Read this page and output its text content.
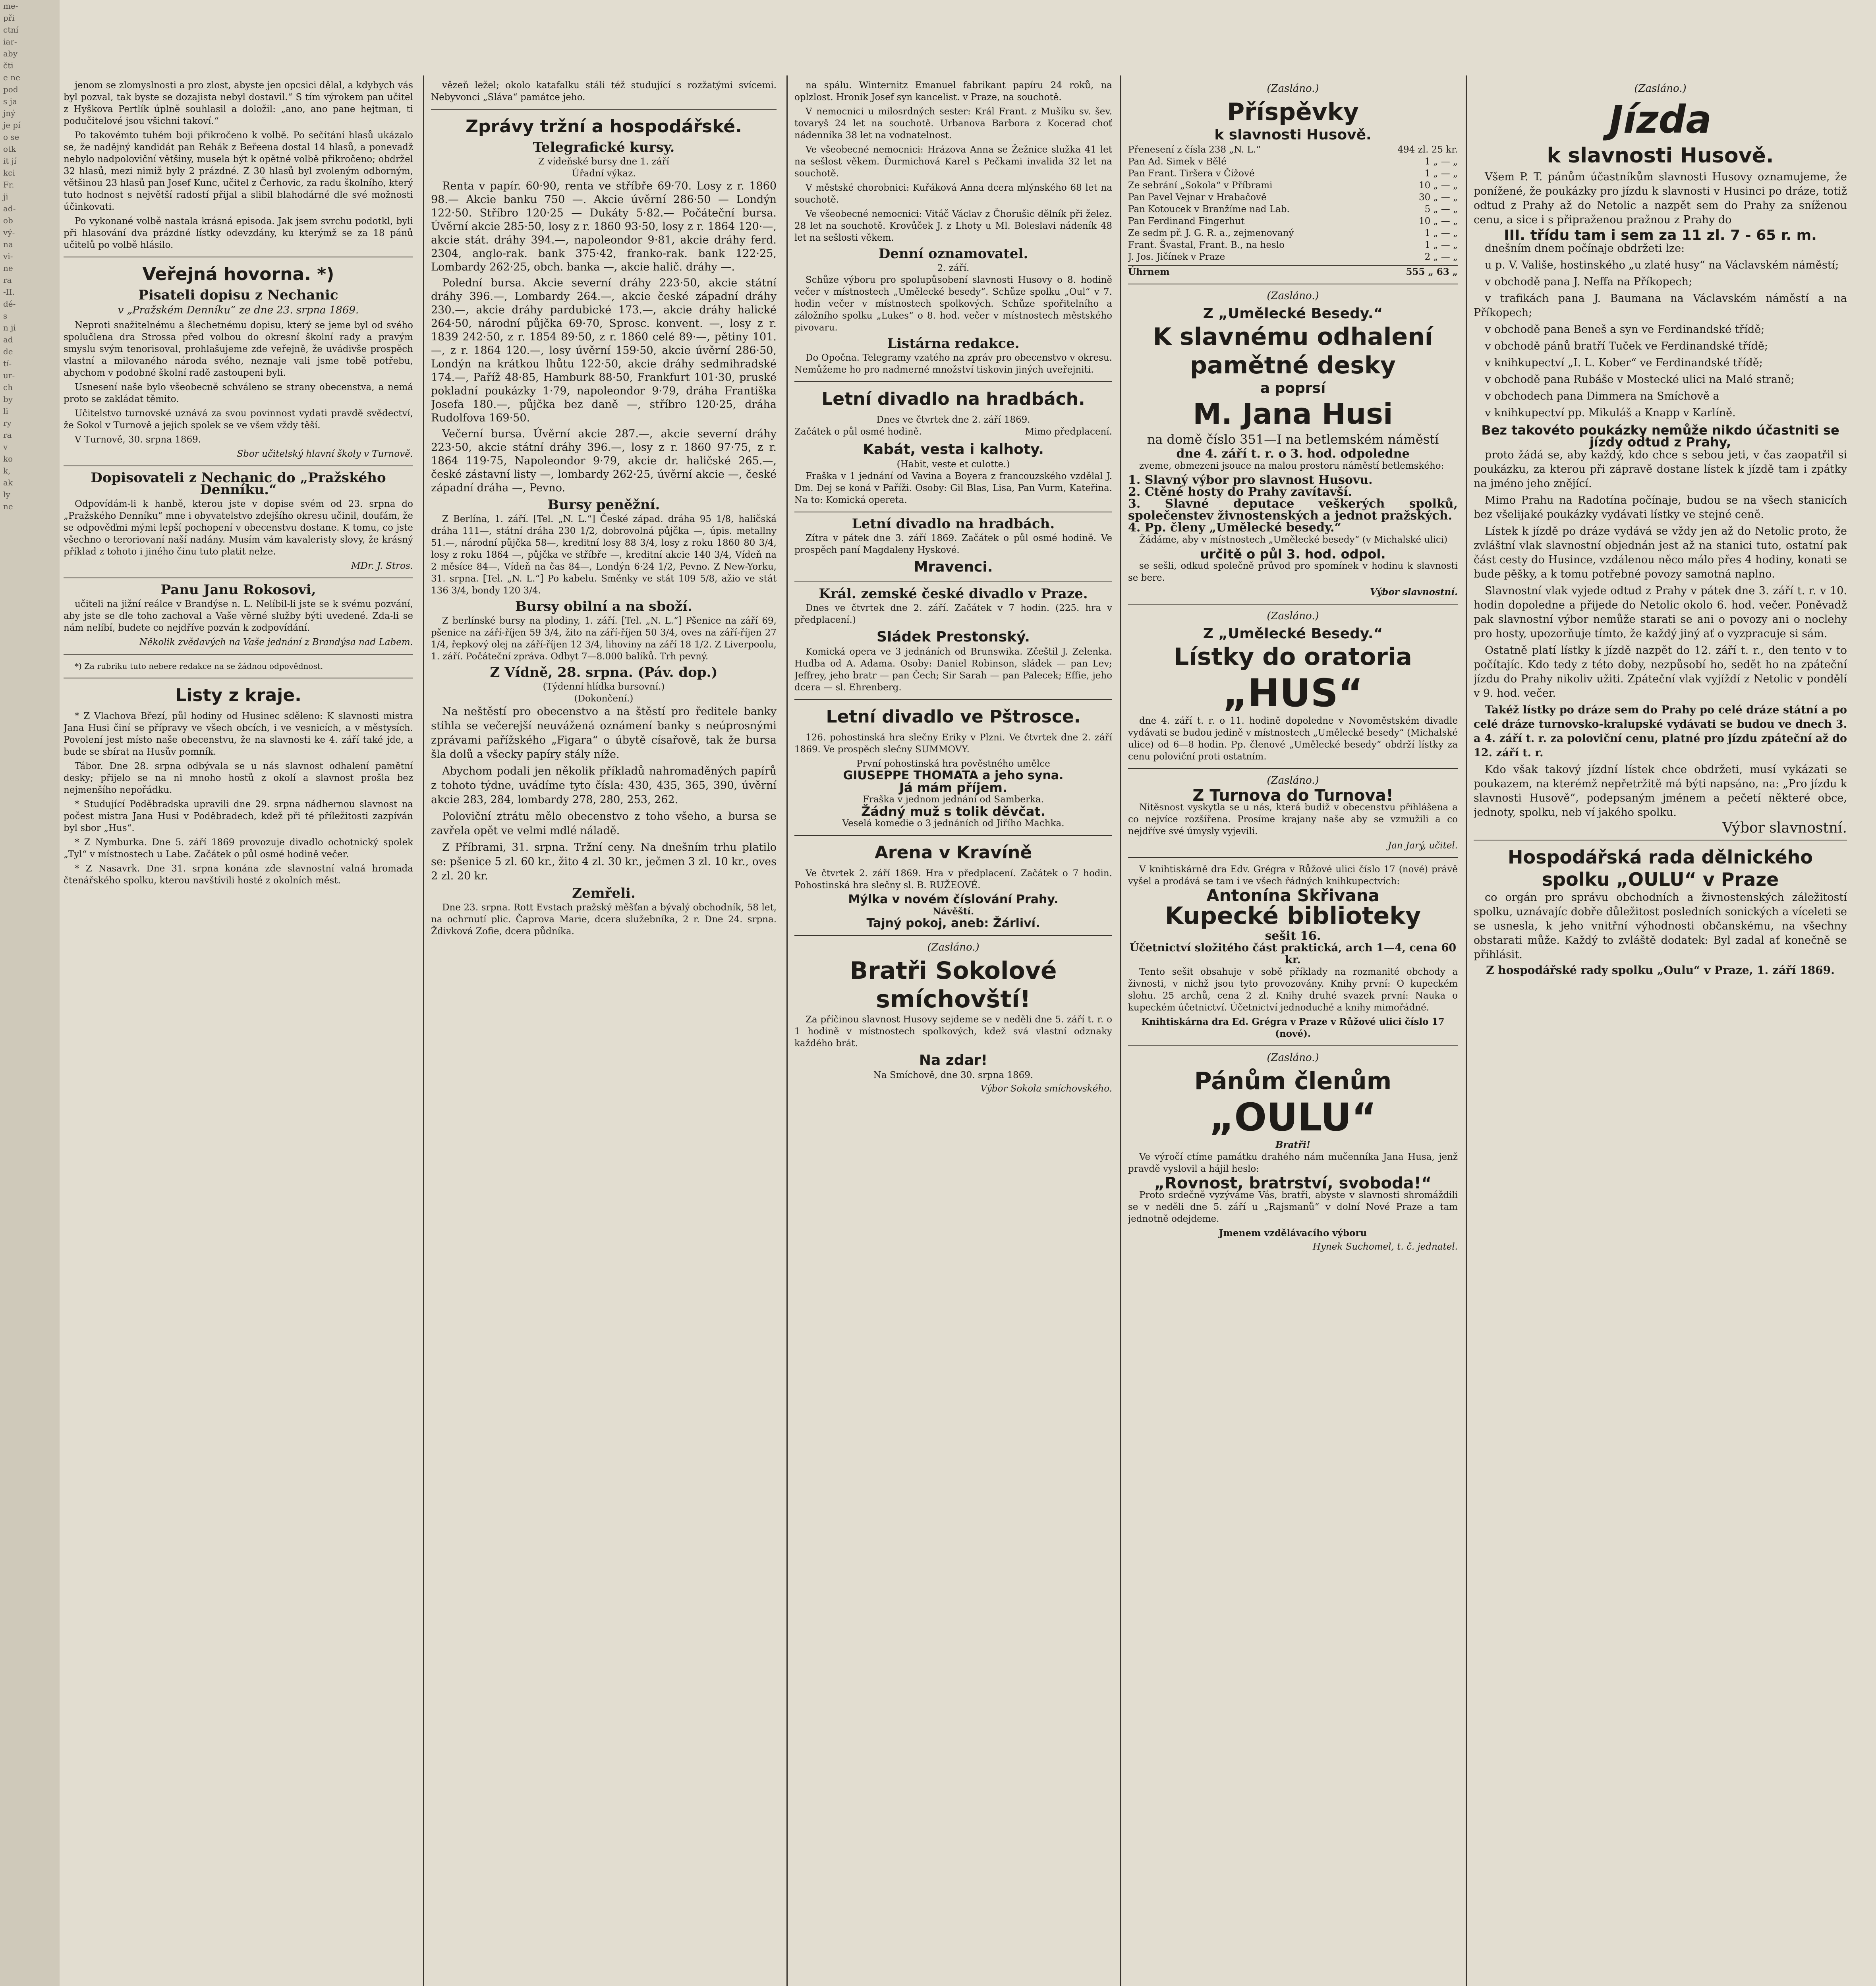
me-
při
ctní
iar-
aby
čti
e ne
pod
s ja
jný
je pí
o se
otk
it jí
kci
Fr.
ji
ad-
ob
vý-
na
vi-
ne
ra
-II.
dé-
s
n ji
ad
de
tí-
ur-
ch
by
li
ry
ra
v
ko
k,
ak
ly
ne

jenom se zlomyslnosti a pro zlost, abyste jen opcsici dělal, a kdybych vás byl pozval, tak byste se dozajista nebyl dostavil.“ S tím výrokem pan učitel z Hyškova Pertlík úplně souhlasil a doložil: „ano, ano pane hejtman, ti podučitelové jsou všichni takoví.“

Po takovémto tuhém boji přikročeno k volbě. Po sečítání hlasů ukázalo se, že nadějný kandidát pan Rehák z Beřeena dostal 14 hlasů, a ponevadž nebylo nadpoloviční většiny, musela být k opětné volbě přikročeno; obdržel 32 hlasů, mezi nimiž byly 2 prázdné. Z 30 hlasů byl zvoleným odborným, většinou 23 hlasů pan Josef Kunc, učitel z Čerhovic, za radu školního, který tuto hodnost s největší radostí přijal a slibil blahodárné dle své možnosti účinkovati.

Po vykonané volbě nastala krásná episoda. Jak jsem svrchu podotkl, byli při hlasování dva prázdné lístky odevzdány, ku kterýmž se za 18 pánů učitelů po volbě hlásilo.

Veřejná hovorna. *)
Pisateli dopisu z Nechanic
v „Pražském Denníku“ ze dne 23. srpna 1869.

Neproti snažitelnému a šlechetnému dopisu, který se jeme byl od svého spolučlena dra Strossa před volbou do okresní školní rady a pravým smyslu svým tenorisoval, prohlašujeme zde veřejně, že uvádivše prospěch vlastní a milovaného národa svého, neznaje vali jsme tobě potřebu, abychom v podobné školní radě zastoupeni byli.

Usnesení naše bylo všeobecně schváleno se strany obecenstva, a nemá proto se zakládat těmito.

Učitelstvo turnovské uznává za svou povinnost vydati pravdě svědectví, že Sokol v Turnově a jejich spolek se ve všem vždy těší.

V Turnově, 30. srpna 1869.

Sbor učitelský hlavní školy v Turnově.
Dopisovateli z Nechanic do „Pražského Denníku.“

Odpovídám-li k hanbě, kterou jste v dopise svém od 23. srpna do „Pražského Denníku“ mne i obyvatelstvo zdejšího okresu učinil, doufám, že se odpověďmi mými lepší pochopení v obecenstvu dostane. K tomu, co jste všechno o teroriovaní naší nadány. Musím vám kavaleristy slovy, že krásný příklad z tohoto i jiného činu tuto platit nelze.

MDr. J. Stros.
Panu Janu Rokosovi,

učiteli na jižní reálce v Brandýse n. L. Nelíbil-li jste se k svému pozvání, aby jste se dle toho zachoval a Vaše věrné služby býti uvedené. Zda-li se nám nelíbí, budete co nejdříve pozván k zodpovídání.

Několik zvědavých na Vaše jednání z Brandýsa nad Labem.

*) Za rubriku tuto nebere redakce na se žádnou odpovědnost.

Listy z kraje.

* Z Vlachova Březí, půl hodiny od Husinec sděleno: K slavnosti mistra Jana Husi činí se přípravy ve všech obcích, i ve vesnicích, a v městysích. Povolení jest místo naše obecenstvu, že na slavnosti ke 4. září také jde, a bude se sbírat na Husův pomník.

Tábor. Dne 28. srpna odbývala se u nás slavnost odhalení pamětní desky; přijelo se na ni mnoho hostů z okolí a slavnost prošla bez nejmenšího nepořádku.

* Studující Poděbradska upravili dne 29. srpna nádhernou slavnost na počest mistra Jana Husi v Poděbradech, kdež při té příležitosti zazpíván byl sbor „Hus“.

* Z Nymburka. Dne 5. září 1869 provozuje divadlo ochotnický spolek „Tyl“ v místnostech u Labe. Začátek o půl osmé hodině večer.

* Z Nasavrk. Dne 31. srpna konána zde slavnostní valná hromada čtenářského spolku, kterou navštívili hosté z okolních měst.

vězeň ležel; okolo katafalku stáli též studující s rozžatými svícemi. Nebyvonci „Sláva“ památce jeho.

Zprávy tržní a hospodářské.
Telegrafické kursy.
Z vídeňské bursy dne 1. září
Úřadní výkaz.

Renta v papír. 60·90, renta ve stříbře 69·70. Losy z r. 1860 98.— Akcie banku 750 —. Akcie úvěrní 286·50 — Londýn 122·50. Stříbro 120·25 — Dukáty 5·82.— Počáteční bursa. Úvěrní akcie 285·50, losy z r. 1860 93·50, losy z r. 1864 120·—, akcie stát. dráhy 394.—, napoleondor 9·81, akcie dráhy ferd. 2304, anglo-rak. bank 375·42, franko-rak. bank 122·25, Lombardy 262·25, obch. banka —, akcie halič. dráhy —.

Polední bursa. Akcie severní dráhy 223·50, akcie státní dráhy 396.—, Lombardy 264.—, akcie české západní dráhy 230.—, akcie dráhy pardubické 173.—, akcie dráhy halické 264·50, národní půjčka 69·70, Sprosc. konvent. —, losy z r. 1839 242·50, z r. 1854 89·50, z r. 1860 celé 89·—, pětiny 101.—, z r. 1864 120.—, losy úvěrní 159·50, akcie úvěrní 286·50, Londýn na krátkou lhůtu 122·50, akcie dráhy sedmihradské 174.—, Paříž 48·85, Hamburk 88·50, Frankfurt 101·30, pruské pokladní poukázky 1·79, napoleondor 9·79, dráha Františka Josefa 180.—, půjčka bez daně —, stříbro 120·25, dráha Rudolfova 169·50.

Večerní bursa. Úvěrní akcie 287.—, akcie severní dráhy 223·50, akcie státní dráhy 396.—, losy z r. 1860 97·75, z r. 1864 119·75, Napoleondor 9·79, akcie dr. haličské 265.—, české zástavní listy —, lombardy 262·25, úvěrní akcie —, české západní dráha —, Pevno.

Bursy peněžní.

Z Berlína, 1. září. [Tel. „N. L.“] České západ. dráha 95 1/8, haličská dráha 111—, státní dráha 230 1/2, dobrovolná půjčka —, úpis. metallny 51.—, národní půjčka 58—, kreditní losy 88 3/4, losy z roku 1860 80 3/4, losy z roku 1864 —, půjčka ve stříbře —, kreditní akcie 140 3/4, Vídeň na 2 měsíce 84—, Vídeň na čas 84—, Londýn 6·24 1/2, Pevno. Z New-Yorku, 31. srpna. [Tel. „N. L.“] Po kabelu. Směnky ve stát 109 5/8, ažio ve stát 136 3/4, bondy 120 3/4.

Bursy obilní a na sboží.

Z berlínské bursy na plodiny, 1. září. [Tel. „N. L.“] Pšenice na září 69, pšenice na září-říjen 59 3/4, žito na září-říjen 50 3/4, oves na září-říjen 27 1/4, řepkový olej na září-říjen 12 3/4, lihoviny na září 18 1/2. Z Liverpoolu, 1. září. Počáteční zpráva. Odbyt 7—8.000 balíků. Trh pevný.

Z Vídně, 28. srpna. (Páv. dop.)
(Týdenní hlídka bursovní.)
(Dokončení.)

Na neštěstí pro obecenstvo a na štěstí pro ředitele banky stihla se večerejší neuvážená oznámení banky s neúprosnými zprávami pařížského „Figara“ o úbytě císařově, tak že bursa šla dolů a všecky papíry stály níže.

Abychom podali jen několik příkladů nahromaděných papírů z tohoto týdne, uvádíme tyto čísla: 430, 435, 365, 390, úvěrní akcie 283, 284, lombardy 278, 280, 253, 262.

Poloviční ztrátu mělo obecenstvo z toho všeho, a bursa se zavřela opět ve velmi mdlé náladě.

Z Příbrami, 31. srpna. Tržní ceny. Na dnešním trhu platilo se: pšenice 5 zl. 60 kr., žito 4 zl. 30 kr., ječmen 3 zl. 10 kr., oves 2 zl. 20 kr.

Zemřeli.

Dne 23. srpna. Rott Evstach pražský měšťan a bývalý obchodník, 58 let, na ochrnutí plic. Čaprova Marie, dcera služebníka, 2 r. Dne 24. srpna. Ždivková Zofie, dcera půdníka.

na spálu. Winternitz Emanuel fabrikant papíru 24 roků, na oplzlost. Hronik Josef syn kancelist. v Praze, na souchotě.

V nemocnici u milosrdných sester: Král Frant. z Mušíku sv. šev. tovaryš 24 let na souchotě. Urbanova Barbora z Kocerad choť nádenníka 38 let na vodnatelnost.

Ve všeobecné nemocnici: Hrázova Anna se Žežnice služka 41 let na sešlost věkem. Ďurmichová Karel s Pečkami invalida 32 let na souchotě.

V městské chorobnici: Kuřáková Anna dcera mlýnského 68 let na souchotě.

Ve všeobecné nemocnici: Vitáč Václav z Čhorušic dělník při želez. 28 let na souchotě. Krovůček J. z Lhoty u Ml. Boleslavi nádeník 48 let na sešlosti věkem.

Denní oznamovatel.
2. září.

Schůze výboru pro spolupůsobení slavnosti Husovy o 8. hodině večer v místnostech „Umělecké besedy“. Schůze spolku „Oul“ v 7. hodin večer v místnostech spolkových. Schůze spořitelního a záložního spolku „Lukes“ o 8. hod. večer v místnostech městského pivovaru.

Listárna redakce.

Do Opočna. Telegramy vzatého na zpráv pro obecenstvo v okresu. Nemůžeme ho pro nadmerné množství tiskovin jiných uveřejniti.

Letní divadlo na hradbách.
Dnes ve čtvrtek dne 2. září 1869.
Začátek o půl osmé hodině.	Mimo předplacení.
Kabát, vesta i kalhoty.
(Habit, veste et culotte.)

Fraška v 1 jednání od Vavina a Boyera z francouzského vzdělal J. Dm. Dej se koná v Paříži. Osoby: Gil Blas, Lisa, Pan Vurm, Kateřina. Na to: Komická opereta.

Letní divadlo na hradbách.

Zítra v pátek dne 3. září 1869. Začátek o půl osmé hodině. Ve prospěch paní Magdaleny Hyskové.

Mravenci.
Král. zemské české divadlo v Praze.

Dnes ve čtvrtek dne 2. září. Začátek v 7 hodin. (225. hra v předplacení.)

Sládek Prestonský.

Komická opera ve 3 jednáních od Brunswika. Zčeštil J. Zelenka. Hudba od A. Adama. Osoby: Daniel Robinson, sládek — pan Lev; Jeffrey, jeho bratr — pan Čech; Sir Sarah — pan Palecek; Effie, jeho dcera — sl. Ehrenberg.

Letní divadlo ve Pštrosce.

126. pohostinská hra slečny Eriky v Plzni. Ve čtvrtek dne 2. září 1869. Ve prospěch slečny SUMMOVY.

První pohostinská hra pověstného umělce
GIUSEPPE THOMATA a jeho syna.
Já mám příjem.
Fraška v jednom jednání od Samberka.
Žádný muž s tolik děvčat.
Veselá komedie o 3 jednáních od Jiřího Machka.
Arena v Kravíně

Ve čtvrtek 2. září 1869. Hra v předplacení. Začátek o 7 hodin. Pohostinská hra slečny sl. B. RUŽEOVÉ.

Mýlka v novém číslování Prahy.
Návěští.
Tajný pokoj, aneb: Žárliví.
(Zasláno.)
Bratři Sokolové smíchovští!

Za příčinou slavnost Husovy sejdeme se v neděli dne 5. září t. r. o 1 hodině v místnostech spolkových, kdež svá vlastní odznaky každého brát.

Na zdar!
Na Smíchově, dne 30. srpna 1869.
Výbor Sokola smíchovského.
(Zasláno.)
Příspěvky
k slavnosti Husově.
Přenesení z čísla 238 „N. L.“	494 zl. 25 kr.
Pan Ad. Simek v Bělé	1 „ — „
Pan Frant. Tiršera v Čížové	1 „ — „
Ze sebrání „Sokola“ v Příbrami	10 „ — „
Pan Pavel Vejnar v Hrabačově	30 „ — „
Pan Kotoucek v Branžíme nad Lab.	5 „ — „
Pan Ferdinand Fingerhut	10 „ — „
Ze sedm př. J. G. R. a., zejmenovaný	1 „ — „
Frant. Švastal, Frant. B., na heslo	1 „ — „
J. Jos. Jičínek v Praze	2 „ — „
Úhrnem	555 „ 63 „
(Zasláno.)
Z „Umělecké Besedy.“
K slavnému odhalení
pamětné desky
a poprsí
M. Jana Husi
na domě číslo 351—I na betlemském náměstí
dne 4. září t. r. o 3. hod. odpoledne

zveme, obmezeni jsouce na malou prostoru náměstí betlemského:

1. Slavný výbor pro slavnost Husovu.
2. Ctěné hosty do Prahy zavítavší.
3. Slavné deputace veškerých spolků, společenstev živnostenských a jednot pražských.
4. Pp. členy „Umělecké besedy.“

Žádáme, aby v místnostech „Umělecké besedy“ (v Michalské ulici)

určitě o půl 3. hod. odpol.

se sešli, odkud společně průvod pro spomínek v hodinu k slavnosti se bere.

Výbor slavnostní.
(Zasláno.)
Z „Umělecké Besedy.“
Lístky do oratoria
„HUS“

dne 4. září t. r. o 11. hodině dopoledne v Novoměstském divadle vydávati se budou jedině v místnostech „Umělecké besedy“ (Michalské ulice) od 6—8 hodin. Pp. členové „Umělecké besedy“ obdrží lístky za cenu poloviční proti ostatním.

(Zasláno.)
Z Turnova do Turnova!

Nitěsnost vyskytla se u nás, která budiž v obecenstvu přihlášena a co nejvíce rozšířena. Prosíme krajany naše aby se vzmužili a co nejdříve své úmysly vyjevili.

Jan Jarý, učitel.

V knihtiskárně dra Edv. Grégra v Růžové ulici číslo 17 (nové) právě vyšel a prodává se tam i ve všech řádných knihkupectvích:

Antonína Skřivana
Kupecké biblioteky
sešit 16.
Účetnictví složitého část praktická, arch 1—4, cena 60 kr.

Tento sešit obsahuje v sobě příklady na rozmanité obchody a živnosti, v nichž jsou tyto provozovány. Knihy první: O kupeckém slohu. 25 archů, cena 2 zl. Knihy druhé svazek první: Nauka o kupeckém účetnictví. Účetnictví jednoduché a knihy mimořádné.

Knihtiskárna dra Ed. Grégra v Praze v Růžové ulici číslo 17 (nové).
(Zasláno.)
Pánům členům
„OULU“
Bratři!

Ve výročí ctíme památku drahého nám mučenníka Jana Husa, jenž pravdě vyslovil a hájil heslo:

„Rovnost, bratrství, svoboda!“

Proto srdečně vyzýváme Vás, bratři, abyste v slavnosti shromáždili se v neděli dne 5. září u „Rajsmanů“ v dolní Nové Praze a tam jednotně odejdeme.

Jmenem vzdělávacího výboru
Hynek Suchomel, t. č. jednatel.
(Zasláno.)
Jízda
k slavnosti Husově.

Všem P. T. pánům účastníkům slavnosti Husovy oznamujeme, že ponížené, že poukázky pro jízdu k slavnosti v Husinci po dráze, totiž odtud z Prahy až do Netolic a nazpět sem do Prahy za sníženou cenu, a sice i s připraženou pražnou z Prahy do

III. třídu tam i sem za 11 zl. 7 - 65 r. m.

dnešním dnem počínaje obdržeti lze:

u p. V. Vališe, hostinského „u zlaté husy“ na Václavském náměstí;

v obchodě pana J. Neffa na Příkopech;

v trafikách pana J. Baumana na Václavském náměstí a na Příkopech;

v obchodě pana Beneš a syn ve Ferdinandské třídě;

v obchodě pánů bratří Tuček ve Ferdinandské třídě;

v knihkupectví „I. L. Kober“ ve Ferdinandské třídě;

v obchodě pana Rubáše v Mostecké ulici na Malé straně;

v obchodech pana Dimmera na Smíchově a

v knihkupectví pp. Mikuláš a Knapp v Karlíně.

Bez takovéto poukázky nemůže nikdo účastniti se jízdy odtud z Prahy,

proto žádá se, aby každý, kdo chce s sebou jeti, v čas zaopatřil si poukázku, za kterou při zápravě dostane lístek k jízdě tam i zpátky na jméno jeho znějící.

Mimo Prahu na Radotína počínaje, budou se na všech stanicích bez všelijaké poukázky vydávati lístky ve stejné ceně.

Lístek k jízdě po dráze vydává se vždy jen až do Netolic proto, že zvláštní vlak slavnostní objednán jest až na stanici tuto, ostatní pak část cesty do Husince, vzdálenou něco málo přes 4 hodiny, konati se bude pěšky, a k tomu potřebné povozy samotná naplno.

Slavnostní vlak vyjede odtud z Prahy v pátek dne 3. září t. r. v 10. hodin dopoledne a přijede do Netolic okolo 6. hod. večer. Poněvadž pak slavnostní výbor nemůže starati se ani o povozy ani o noclehy pro hosty, upozorňuje tímto, že každý jiný ať o vyzpracuje si sám.

Ostatně platí lístky k jízdě nazpět do 12. září t. r., den tento v to počítajíc. Kdo tedy z této doby, nezpůsobí ho, sedět ho na zpáteční jízdu do Prahy nikoliv užiti. Zpáteční vlak vyjíždí z Netolic v pondělí v 9. hod. večer.

Takéž lístky po dráze sem do Prahy po celé dráze státní a po celé dráze turnovsko-kralupské vydávati se budou ve dnech 3. a 4. září t. r. za poloviční cenu, platné pro jízdu zpáteční až do 12. září t. r.

Kdo však takový jízdní lístek chce obdržeti, musí vykázati se poukazem, na kterémž nepřetržitě má býti napsáno, na: „Pro jízdu k slavnosti Husově“, podepsaným jménem a pečetí některé obce, jednoty, spolku, neb ví jakého spolku.

Výbor slavnostní.
Hospodářská rada dělnického spolku „OULU“ v Praze

co orgán pro správu obchodních a živnostenských záležitostí spolku, uznávajíc dobře důležitost posledních sonických a víceleti se se usnesla, k jeho vnitřní výhodnosti občanskému, na všechny obstarati může. Každý to zvláště dodatek: Byl zadal ať konečně se přihlásit.

Z hospodářské rady spolku „Oulu“ v Praze, 1. září 1869.
